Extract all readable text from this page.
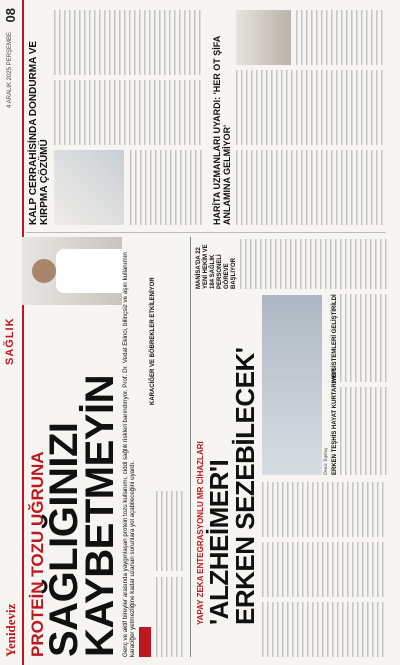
Yenideviz
SAĞLIK
4 ARALIK 2025 PERŞEMBE
08
PROTEİN TOZU UĞRUNA
SAĞLIĞINIZI
KAYBETMEYİN Genç ve aktif bireyler arasında yaygınlaşan protein tozu kullanımı, ciddi sağlık riskleri barındırıyor. Prof. Dr. Vedat Ekinci, bilinçsiz ve aşırı kullanımın karaciğer yetmezliğine kadar uzanan sorunlara yol açabileceğini uyardı.
KARACİĞER VE BÖBREKLER ETKİLENİYOR
KALP CERRAHİSİNDA DONDURMA VE KIRPMA ÇÖZÜMÜ	HARİTA UZMANLARI UYARDI: 'HER OT ŞİFA ANLAMINA GELMİYOR'
YAPAY ZEKA ENTEGRASYONLU MR CİHAZLARI 'ALZHEİMER'I
ERKEN SEZEBİLECEK'	Deniz Topbaş ERKEN TEŞHİS HAYAT KURTARIYOR
MR SİSTEMLERİ GELİŞTİRİLDİ
MANİSA'DA 22 YENİ HEKİM VE 184 SAĞLIK PERSONELİ GÖREVE BAŞLIYOR
